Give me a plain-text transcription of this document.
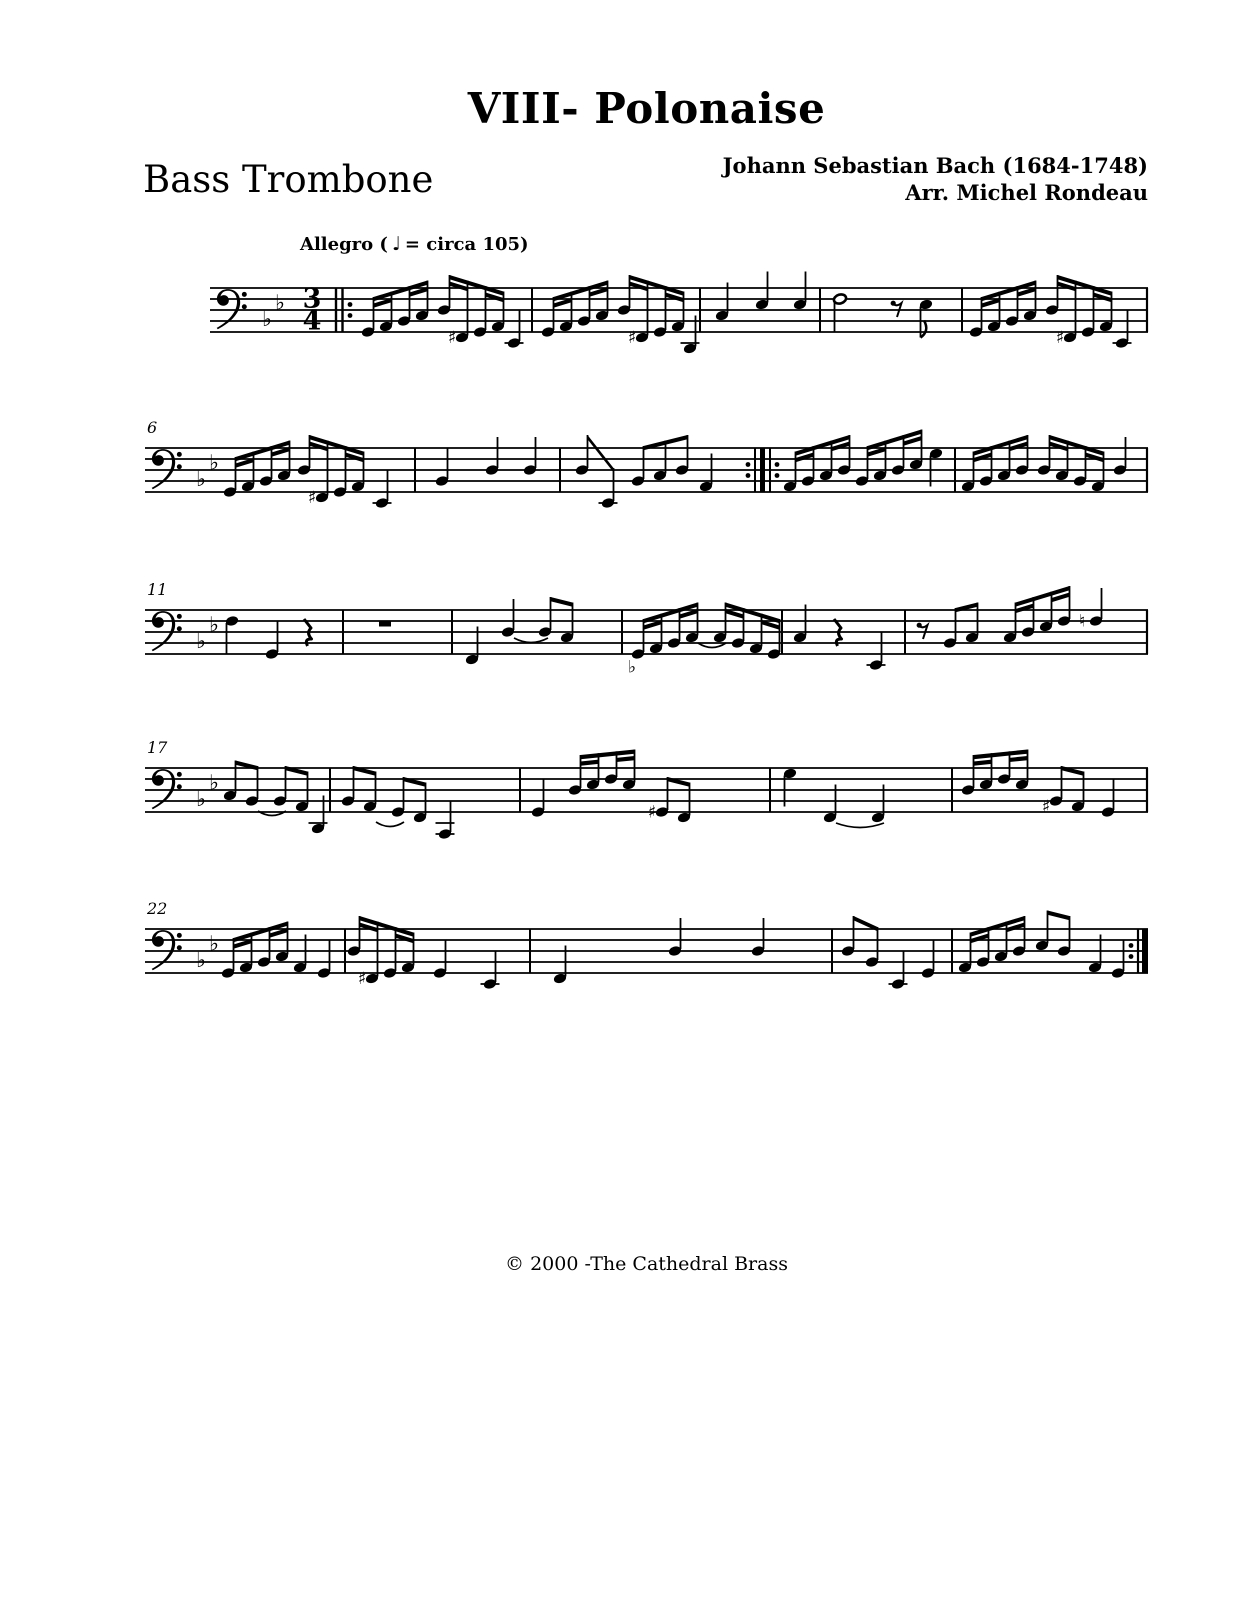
VIII- Polonaise
Johann Sebastian Bach (1684-1748)
Arr. Michel Rondeau
Bass Trombone
Allegro ( ♩ = circa 105)
♭
♭ 3
4
♯	♯	♯
6
♭
♭
♯
11
♭
♭
♭
♮
17
♭
♭
♯	♯
22
♭
♭
♯
© 2000 -The Cathedral Brass
